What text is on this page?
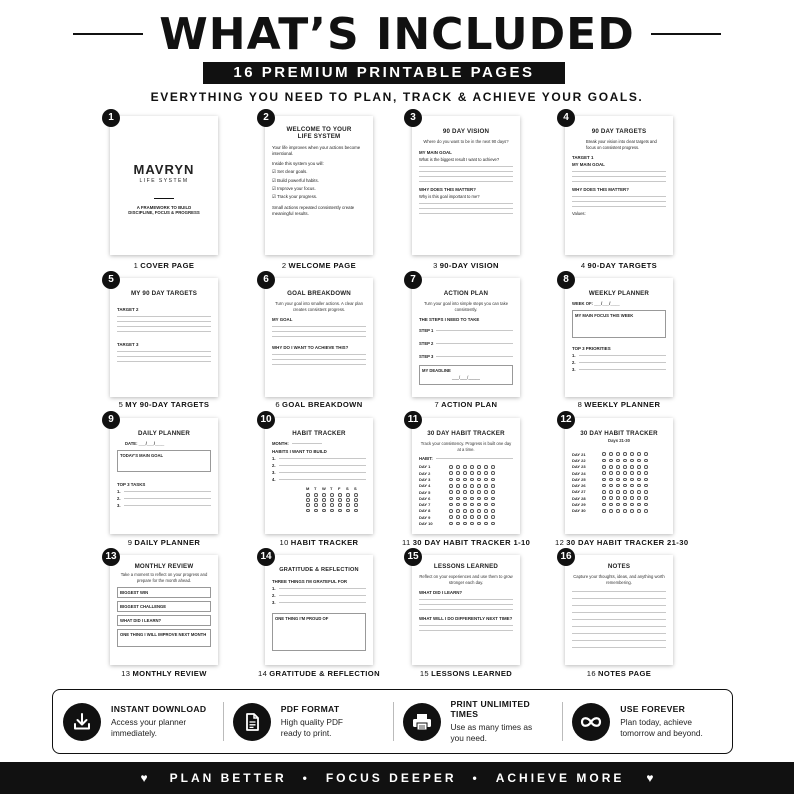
WHAT’S INCLUDED
16 PREMIUM PRINTABLE PAGES
EVERYTHING YOU NEED TO PLAN, TRACK & ACHIEVE YOUR GOALS.
1
MAVRYN
LIFE SYSTEM
A FRAMEWORK TO BUILD
DISCIPLINE, FOCUS & PROGRESS
1 COVER PAGE
2
WELCOME TO YOUR
LIFE SYSTEM
Your life improves when your actions become intentional.
Inside this system you will:
☑ Set clear goals.
☑ Build powerful habits.
☑ Improve your focus.
☑ Track your progress.
Small actions repeated consistently create meaningful results.
2 WELCOME PAGE
3
90 DAY VISION
Where do you want to be in the next 90 days?
MY MAIN GOAL
What is the biggest result I want to achieve?
WHY DOES THIS MATTER?
Why is this goal important to me?
3 90-DAY VISION
4
90 DAY TARGETS
Break your vision into clear targets and focus on consistent progress.
TARGET 1
MY MAIN GOAL
WHY DOES THIS MATTER?
Values:
4 90-DAY TARGETS
5
MY 90 DAY TARGETS
TARGET 2
TARGET 3
5 MY 90-DAY TARGETS
6
GOAL BREAKDOWN
Turn your goal into smaller actions. A clear plan creates consistent progress.
MY GOAL
WHY DO I WANT TO ACHIEVE THIS?
6 GOAL BREAKDOWN
7
ACTION PLAN
Turn your goal into simple steps you can take consistently.
THE STEPS I NEED TO TAKE
STEP 1
STEP 2
STEP 3
MY DEADLINE
___/___/_____
7 ACTION PLAN
8
WEEKLY PLANNER
WEEK OF: ___/___/____
MY MAIN FOCUS THIS WEEK
TOP 3 PRIORITIES
1.
2.
3.
8 WEEKLY PLANNER
9
DAILY PLANNER
DATE: ___/___/____
TODAY'S MAIN GOAL
TOP 3 TASKS
1.
2.
3.
9 DAILY PLANNER
10
HABIT TRACKER
MONTH:
HABITS I WANT TO BUILD
1.
2.
3.
4.
M	T	W	T	F	S	S
10 HABIT TRACKER
11
30 DAY HABIT TRACKER
Track your consistency. Progress is built one day at a time.
HABIT:
DAY 1
DAY 2
DAY 3
DAY 4
DAY 5
DAY 6
DAY 7
DAY 8
DAY 9
DAY 10
11 30 DAY HABIT TRACKER 1-10
12
30 DAY HABIT TRACKER
Days 21-30
DAY 21
DAY 22
DAY 23
DAY 24
DAY 25
DAY 26
DAY 27
DAY 28
DAY 29
DAY 30
12 30 DAY HABIT TRACKER 21-30
13
MONTHLY REVIEW
Take a moment to reflect on your progress and prepare for the month ahead.
BIGGEST WIN
BIGGEST CHALLENGE
WHAT DID I LEARN?
ONE THING I WILL IMPROVE NEXT MONTH
13 MONTHLY REVIEW
14
GRATITUDE & REFLECTION
THREE THINGS I'M GRATEFUL FOR
1.
2.
3.
ONE THING I'M PROUD OF
14 GRATITUDE & REFLECTION
15
LESSONS LEARNED
Reflect on your experiences and use them to grow stronger each day.
WHAT DID I LEARN?
WHAT WILL I DO DIFFERENTLY NEXT TIME?
15 LESSONS LEARNED
16
NOTES
Capture your thoughts, ideas, and anything worth remembering.
16 NOTES PAGE
INSTANT DOWNLOAD
Access your planner
immediately.
PDF FORMAT
High quality PDF
ready to print.
PRINT UNLIMITED TIMES
Use as many times as
you need.
USE FOREVER
Plan today, achieve
tomorrow and beyond.
♥ PLAN BETTER • FOCUS DEEPER • ACHIEVE MORE ♥
